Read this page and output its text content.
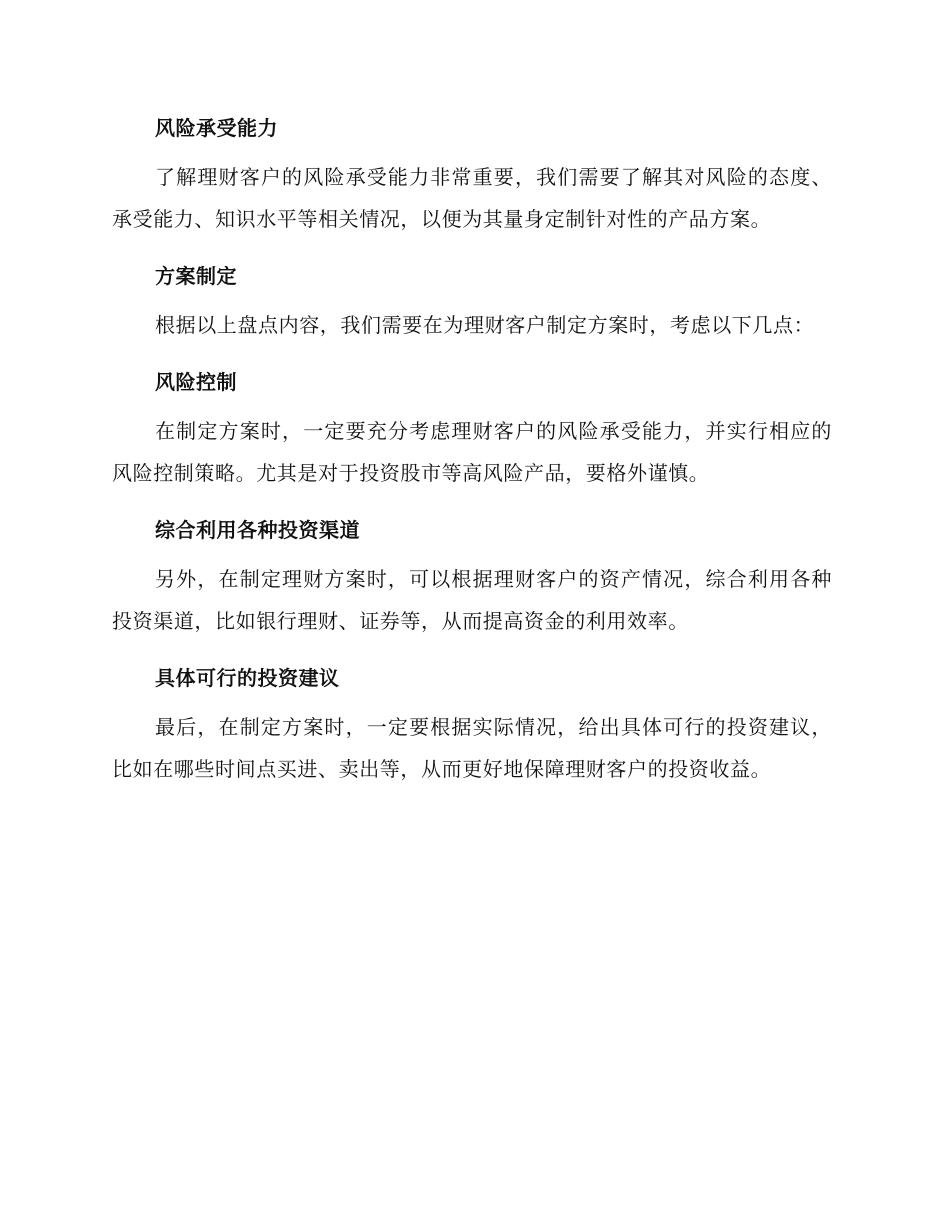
风险承受能力

了解理财客户的风险承受能力非常重要，我们需要了解其对风险的态度、承受能力、知识水平等相关情况，以便为其量身定制针对性的产品方案。

方案制定

根据以上盘点内容，我们需要在为理财客户制定方案时，考虑以下几点：

风险控制

在制定方案时，一定要充分考虑理财客户的风险承受能力，并实行相应的风险控制策略。尤其是对于投资股市等高风险产品，要格外谨慎。

综合利用各种投资渠道

另外，在制定理财方案时，可以根据理财客户的资产情况，综合利用各种投资渠道，比如银行理财、证券等，从而提高资金的利用效率。

具体可行的投资建议

最后，在制定方案时，一定要根据实际情况，给出具体可行的投资建议，比如在哪些时间点买进、卖出等，从而更好地保障理财客户的投资收益。
